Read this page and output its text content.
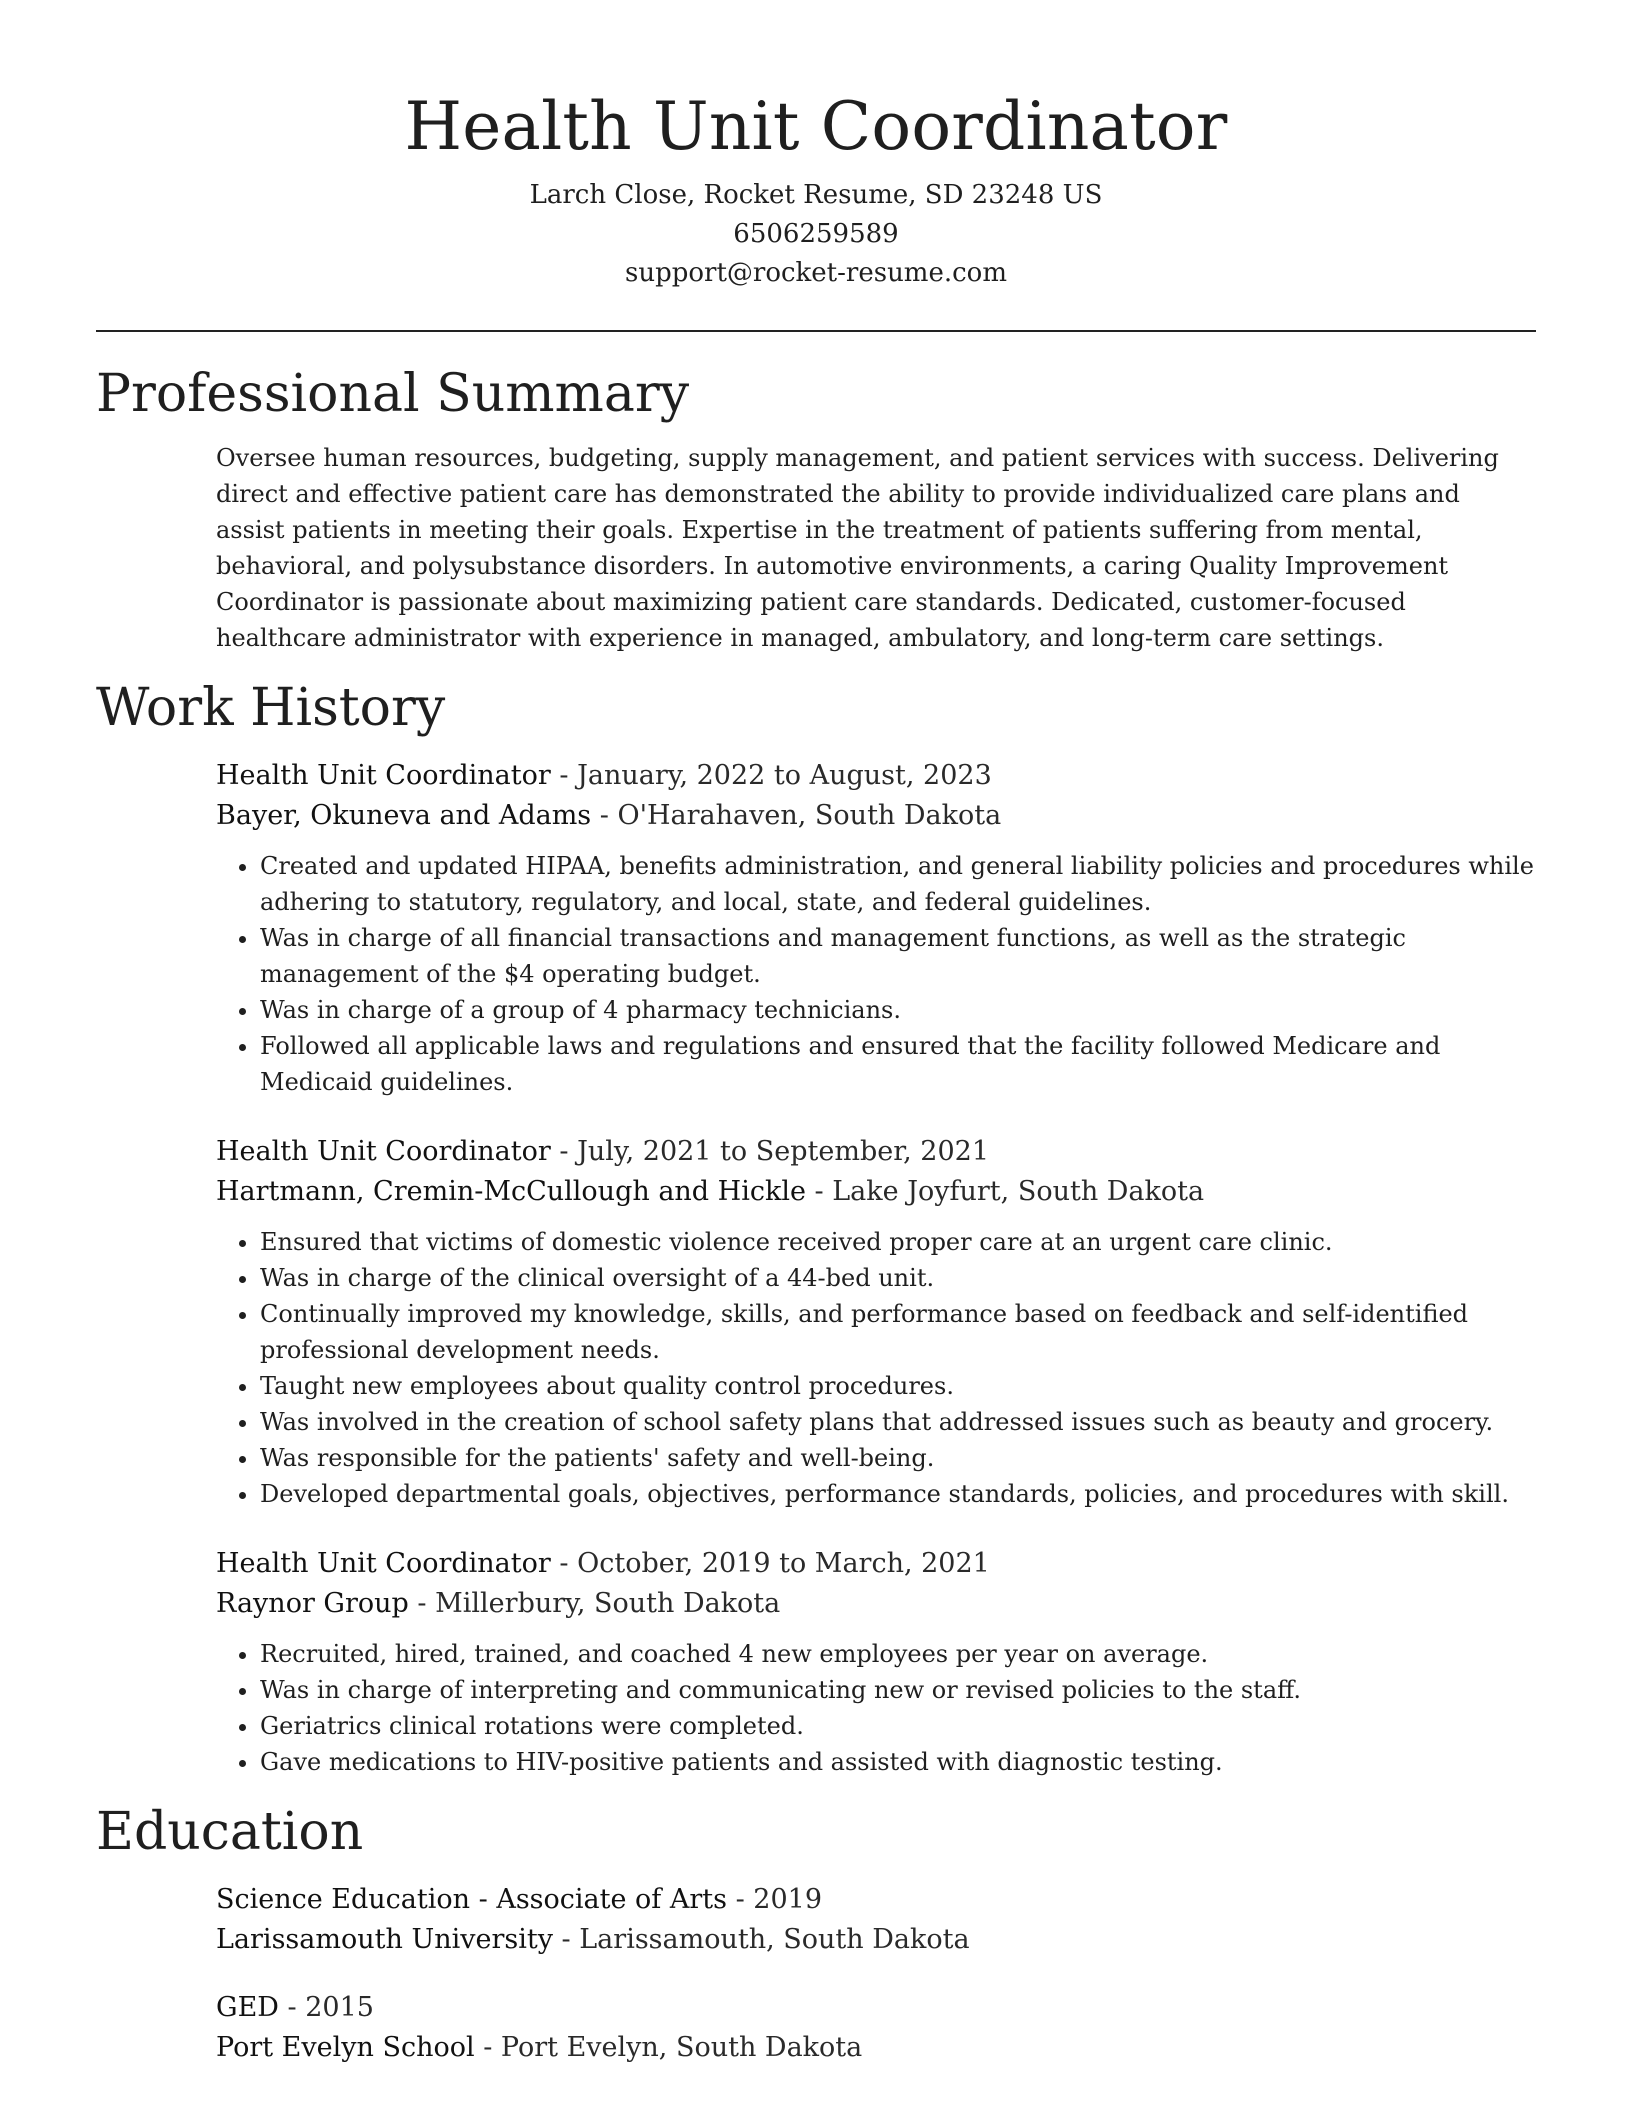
Health Unit Coordinator

Larch Close, Rocket Resume, SD 23248 US

6506259589

support@rocket-resume.com

Professional Summary

Oversee human resources, budgeting, supply management, and patient services with success. Delivering direct and effective patient care has demonstrated the ability to provide individualized care plans and assist patients in meeting their goals. Expertise in the treatment of patients suffering from mental, behavioral, and polysubstance disorders. In automotive environments, a caring Quality Improvement Coordinator is passionate about maximizing patient care standards. Dedicated, customer-focused healthcare administrator with experience in managed, ambulatory, and long-term care settings.

Work History

Health Unit Coordinator - January, 2022 to August, 2023

Bayer, Okuneva and Adams - O'Harahaven, South Dakota

• Created and updated HIPAA, benefits administration, and general liability policies and procedures while adhering to statutory, regulatory, and local, state, and federal guidelines.
• Was in charge of all financial transactions and management functions, as well as the strategic management of the $4 operating budget.
• Was in charge of a group of 4 pharmacy technicians.
• Followed all applicable laws and regulations and ensured that the facility followed Medicare and Medicaid guidelines.

Health Unit Coordinator - July, 2021 to September, 2021

Hartmann, Cremin-McCullough and Hickle - Lake Joyfurt, South Dakota

• Ensured that victims of domestic violence received proper care at an urgent care clinic.
• Was in charge of the clinical oversight of a 44-bed unit.
• Continually improved my knowledge, skills, and performance based on feedback and self-identified professional development needs.
• Taught new employees about quality control procedures.
• Was involved in the creation of school safety plans that addressed issues such as beauty and grocery.
• Was responsible for the patients' safety and well-being.
• Developed departmental goals, objectives, performance standards, policies, and procedures with skill.

Health Unit Coordinator - October, 2019 to March, 2021

Raynor Group - Millerbury, South Dakota

• Recruited, hired, trained, and coached 4 new employees per year on average.
• Was in charge of interpreting and communicating new or revised policies to the staff.
• Geriatrics clinical rotations were completed.
• Gave medications to HIV-positive patients and assisted with diagnostic testing.
Education

Science Education - Associate of Arts - 2019

Larissamouth University - Larissamouth, South Dakota

GED - 2015

Port Evelyn School - Port Evelyn, South Dakota
